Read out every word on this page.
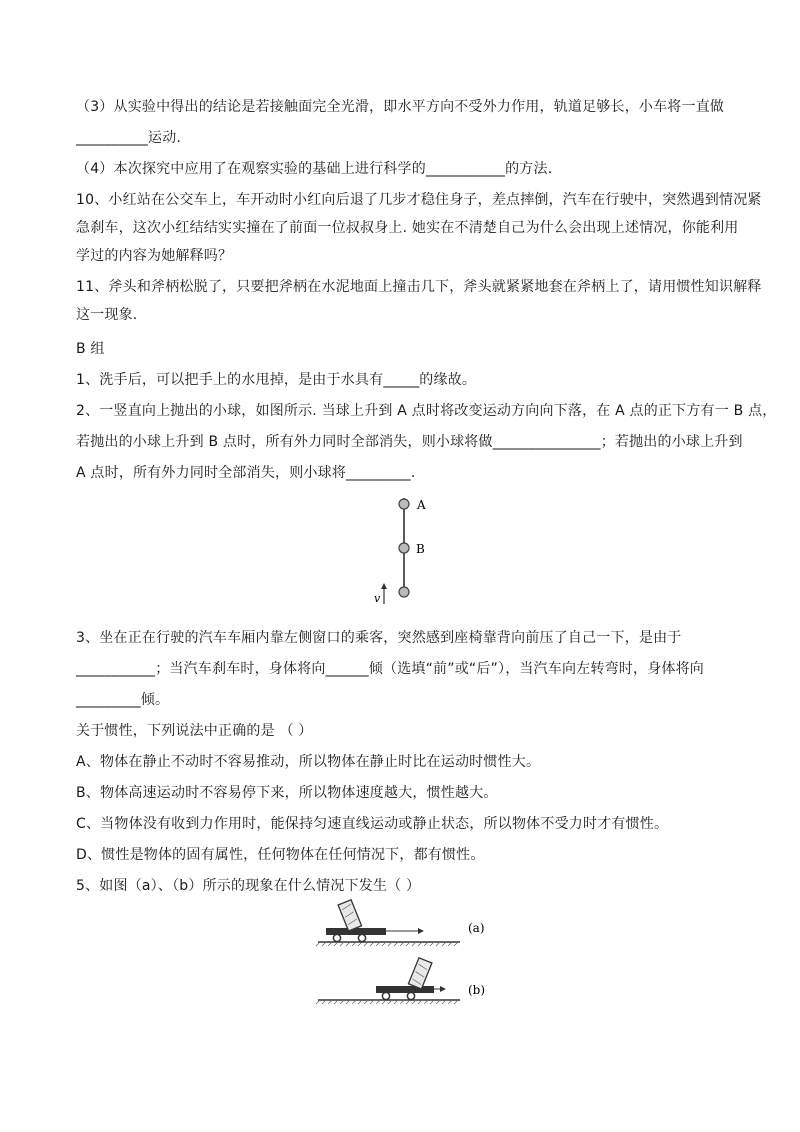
（3）从实验中得出的结论是若接触面完全光滑，即水平方向不受外力作用，轨道足够长，小车将一直做
__________运动.
（4）本次探究中应用了在观察实验的基础上进行科学的___________的方法.
10、小红站在公交车上，车开动时小红向后退了几步才稳住身子，差点摔倒，汽车在行驶中，突然遇到情况紧
急刹车，这次小红结结实实撞在了前面一位叔叔身上. 她实在不清楚自己为什么会出现上述情况，你能利用
学过的内容为她解释吗？
11、斧头和斧柄松脱了，只要把斧柄在水泥地面上撞击几下，斧头就紧紧地套在斧柄上了，请用惯性知识解释
这一现象.
B 组
1、洗手后，可以把手上的水甩掉，是由于水具有_____的缘故。
2、一竖直向上抛出的小球，如图所示. 当球上升到 A 点时将改变运动方向向下落，在 A 点的正下方有一 B 点，
若抛出的小球上升到 B 点时，所有外力同时全部消失，则小球将做_______________；若抛出的小球上升到
A 点时，所有外力同时全部消失，则小球将_________.
A
B
v
3、坐在正在行驶的汽车车厢内靠左侧窗口的乘客，突然感到座椅靠背向前压了自己一下，是由于
___________；当汽车刹车时，身体将向______倾（选填“前”或“后”），当汽车向左转弯时，身体将向
_________倾。
关于惯性，下列说法中正确的是 （ ）
A、物体在静止不动时不容易推动，所以物体在静止时比在运动时惯性大。
B、物体高速运动时不容易停下来，所以物体速度越大，惯性越大。
C、当物体没有收到力作用时，能保持匀速直线运动或静止状态，所以物体不受力时才有惯性。
D、惯性是物体的固有属性，任何物体在任何情况下，都有惯性。
5、如图（a）、（b）所示的现象在什么情况下发生（ ）
(a)
(b)
